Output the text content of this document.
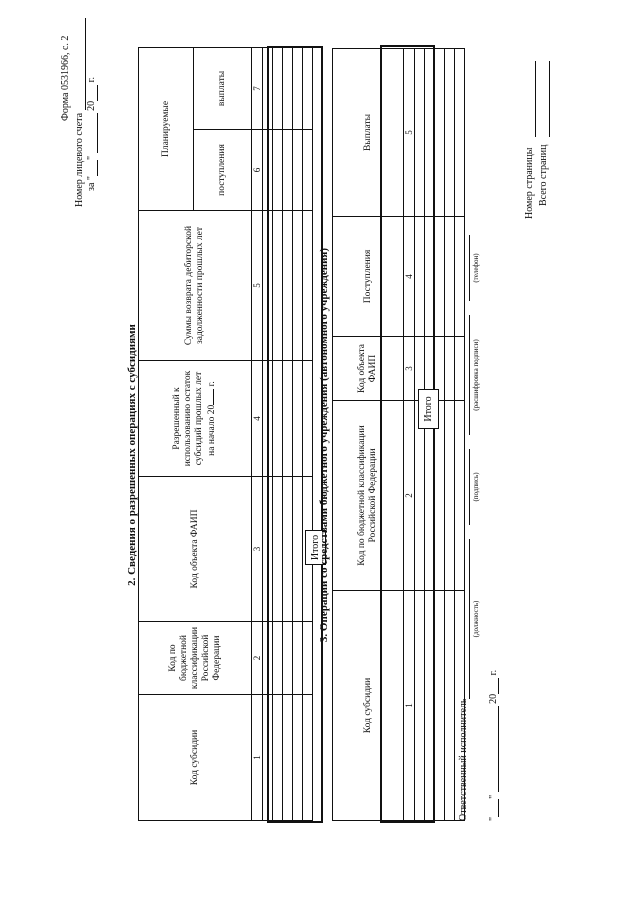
Форма 0531966, с. 2
Номер лицевого счета за ""  20 г.
2. Сведения о разрешенных операциях с субсидиями
Код субсидии	Код по бюджетной классификации Российской Федерации	Код объекта ФАИП	Разрешенный к использованию остаток субсидий прошлых лет на начало 20 г.	Суммы возврата дебиторской задолженности прошлых лет	Планируемые	
					поступления	выплаты
1	2	3	4	5	6	7

Итого
3. Операции со средствами бюджетного учреждения (автономного учреждения)
Код субсидии	Код по бюджетной классификации Российской Федерации	Код объекта ФАИП	Поступления	Выплаты
1	2	3	4	5

Итого
Ответственный исполнитель
(должность)
(подпись)
(расшифровка подписи)
(телефон)
""  20 г.
Номер страницы Всего страниц
